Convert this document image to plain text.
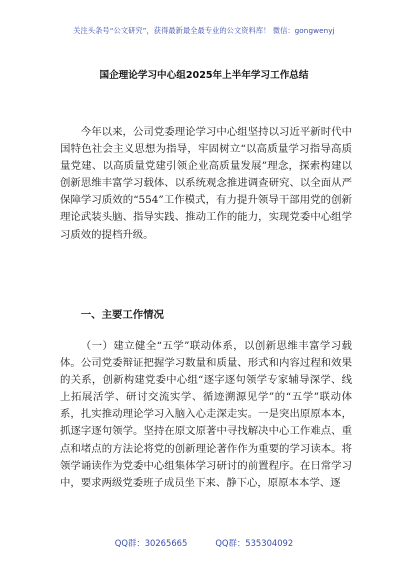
关注头条号“公文研究”，获得最新最全最专业的公文资料库！ 微信：gongwenyj
国企理论学习中心组2025年上半年学习工作总结

今年以来，公司党委理论学习中心组坚持以习近平新时代中国特色社会主义思想为指导，牢固树立“以高质量学习指导高质量党建、以高质量党建引领企业高质量发展”理念，探索构建以创新思维丰富学习载体、以系统观念推进调查研究、以全面从严保障学习质效的“554”工作模式，有力提升领导干部用党的创新理论武装头脑、指导实践、推动工作的能力，实现党委中心组学习质效的提档升级。

一、主要工作情况

（一）建立健全“五学”联动体系，以创新思维丰富学习载体。公司党委辩证把握学习数量和质量、形式和内容过程和效果的关系，创新构建党委中心组“逐字逐句领学专家辅导深学、线上拓展活学、研讨交流实学、循迹溯源见学”的“五学”联动体系，扎实推动理论学习入脑入心走深走实。一是突出原原本本，抓逐字逐句领学。坚持在原文原著中寻找解决中心工作难点、重点和堵点的方法论将党的创新理论著作作为重要的学习读本。将领学诵读作为党委中心组集体学习研讨的前置程序。在日常学习中，要求两级党委班子成员坐下来、静下心，原原本本学、逐

QQ群：30265665	QQ群：535304092
